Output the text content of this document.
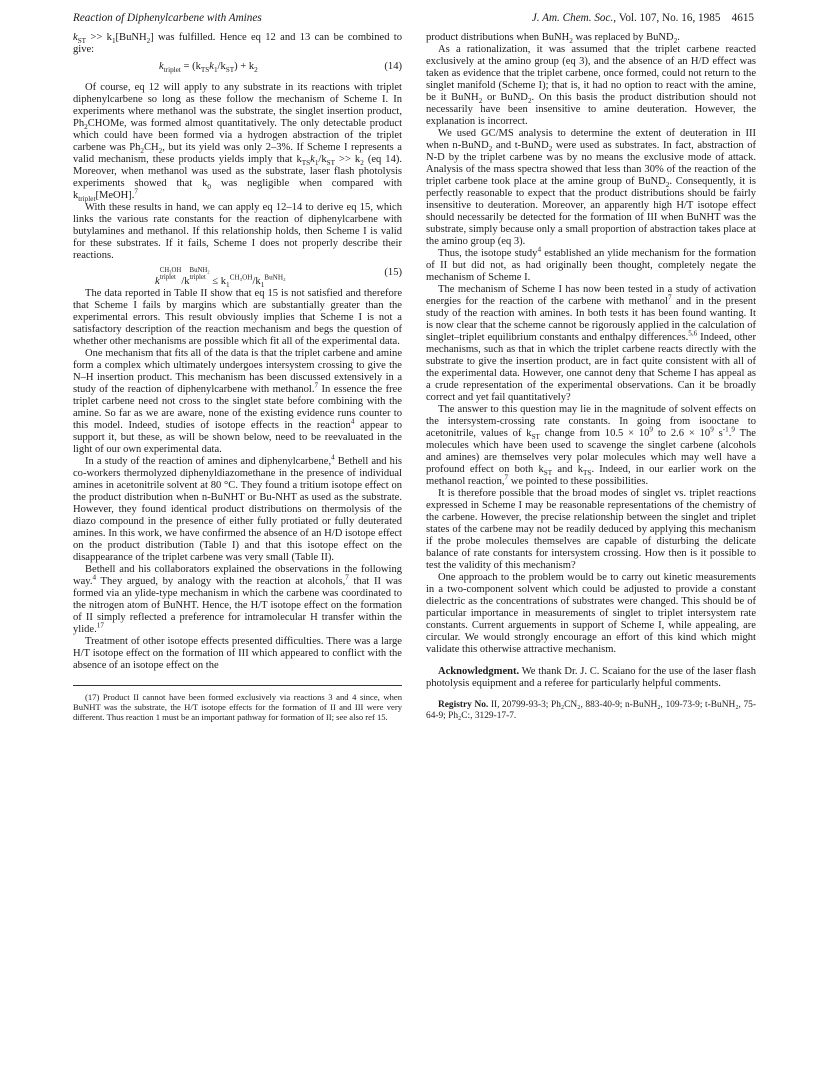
Reaction of Diphenylcarbene with Amines	J. Am. Chem. Soc., Vol. 107, No. 16, 1985 4615

$k_{ST}$ >> $k_1[BuNH_2]$ was fulfilled. Hence eq 12 and 13 can be combined to give:

$k_{triplet} = (k_{TS}k_1/k_{ST}) + k_2$	(14)

Of course, eq 12 will apply to any substrate in its reactions with triplet diphenylcarbene so long as these follow the mechanism of Scheme I. In experiments where methanol was the substrate, the singlet insertion product, $Ph_2CHOMe$, was formed almost quantitatively. The only detectable product which could have been formed via a hydrogen abstraction of the triplet carbene was $Ph_2CH_2$, but its yield was only 2–3%. If Scheme I represents a valid mechanism, these products yields imply that $k_{TS}k_1/k_{ST} >> k_2$ (eq 14). Moreover, when methanol was used as the substrate, laser flash photolysis experiments showed that $k_0$ was negligible when compared with $k_{triplet}[MeOH].^7$

With these results in hand, we can apply eq 12–14 to derive eq 15, which links the various rate constants for the reaction of diphenylcarbene with butylamines and methanol. If this relationship holds, then Scheme I is valid for these substrates. If it fails, Scheme I does not properly describe their reactions.

kCH₃OH
triplet /kBuNH₂
triplet ≤ $k_1^{CH_3OH}/k_1^{BuNH_2}$	(15)

The data reported in Table II show that eq 15 is not satisfied and therefore that Scheme I fails by margins which are substantially greater than the experimental errors. This result obviously implies that Scheme I is not a satisfactory description of the reaction mechanism and begs the question of whether other mechanisms are possible which fit all of the experimental data.

One mechanism that fits all of the data is that the triplet carbene and amine form a complex which ultimately undergoes intersystem crossing to give the N–H insertion product. This mechanism has been discussed extensively in a study of the reaction of diphenylcarbene with methanol.$^7$ In essence the free triplet carbene need not cross to the singlet state before combining with the amine. So far as we are aware, none of the existing evidence runs counter to this model. Indeed, studies of isotope effects in the reaction$^4$ appear to support it, but these, as will be shown below, need to be reevaluated in the light of our own experimental data.

In a study of the reaction of amines and diphenylcarbene,$^4$ Bethell and his co-workers thermolyzed diphenyldiazomethane in the presence of individual amines in acetonitrile solvent at 80 °C. They found a tritium isotope effect on the product distribution when n-BuNHT or Bu-NHT as used as the substrate. However, they found identical product distributions on thermolysis of the diazo compound in the presence of either fully protiated or fully deuterated amines. In this work, we have confirmed the absence of an H/D isotope effect on the product distribution (Table I) and that this isotope effect on the disappearance of the triplet carbene was very small (Table II).

Bethell and his collaborators explained the observations in the following way.$^4$ They argued, by analogy with the reaction at alcohols,$^7$ that II was formed via an ylide-type mechanism in which the carbene was coordinated to the nitrogen atom of BuNHT. Hence, the H/T isotope effect on the formation of II simply reflected a preference for intramolecular H transfer within the ylide.$^{17}$

Treatment of other isotope effects presented difficulties. There was a large H/T isotope effect on the formation of III which appeared to conflict with the absence of an isotope effect on the

(17) Product II cannot have been formed exclusively via reactions 3 and 4 since, when BuNHT was the substrate, the H/T isotope effects for the formation of II and III were very different. Thus reaction 1 must be an important pathway for formation of II; see also ref 15.

product distributions when BuNH$_2$ was replaced by BuND$_2$.

As a rationalization, it was assumed that the triplet carbene reacted exclusively at the amino group (eq 3), and the absence of an H/D effect was taken as evidence that the triplet carbene, once formed, could not return to the singlet manifold (Scheme I); that is, it had no option to react with the amine, be it BuNH$_2$ or BuND$_2$. On this basis the product distribution should not necessarily have been insensitive to amine deuteration. However, the explanation is incorrect.

We used GC/MS analysis to determine the extent of deuteration in III when n-BuND$_2$ and t-BuND$_2$ were used as substrates. In fact, abstraction of N-D by the triplet carbene was by no means the exclusive mode of attack. Analysis of the mass spectra showed that less than 30% of the reaction of the triplet carbene took place at the amine group of BuND$_2$. Consequently, it is perfectly reasonable to expect that the product distributions should be fairly insensitive to deuteration. Moreover, an apparently high H/T isotope effect should necessarily be detected for the formation of III when BuNHT was the substrate, simply because only a small proportion of abstraction takes place at the amino group (eq 3).

Thus, the isotope study$^4$ established an ylide mechanism for the formation of II but did not, as had originally been thought, completely negate the mechanism of Scheme I.

The mechanism of Scheme I has now been tested in a study of activation energies for the reaction of the carbene with methanol$^7$ and in the present study of the reaction with amines. In both tests it has been found wanting. It is now clear that the scheme cannot be rigorously applied in the calculation of singlet–triplet equilibrium constants and enthalpy differences.$^{5,6}$ Indeed, other mechanisms, such as that in which the triplet carbene reacts directly with the substrate to give the insertion product, are in fact quite consistent with all of the experimental data. However, one cannot deny that Scheme I has appeal as a crude representation of the experimental observations. Can it be broadly correct and yet fail quantitatively?

The answer to this question may lie in the magnitude of solvent effects on the intersystem-crossing rate constants. In going from isooctane to acetonitrile, values of $k_{ST}$ change from $10.5 \times 10^9$ to $2.6 \times 10^9$ $s^{-1}.^9$ The molecules which have been used to scavenge the singlet carbene (alcohols and amines) are themselves very polar molecules which may well have a profound effect on both $k_{ST}$ and $k_{TS}$. Indeed, in our earlier work on the methanol reaction,$^7$ we pointed to these possibilities.

It is therefore possible that the broad modes of singlet vs. triplet reactions expressed in Scheme I may be reasonable representations of the chemistry of the carbene. However, the precise relationship between the singlet and triplet states of the carbene may not be readily deduced by applying this mechanism if the probe molecules themselves are capable of disturbing the delicate balance of rate constants for intersystem crossing. How then is it possible to test the validity of this mechanism?

One approach to the problem would be to carry out kinetic measurements in a two-component solvent which could be adjusted to provide a constant dielectric as the concentrations of substrates were changed. This should be of particular importance in measurements of singlet to triplet intersystem rate constants. Current arguements in support of Scheme I, while appealing, are circular. We would strongly encourage an effort of this kind which might validate this otherwise attractive mechanism.

Acknowledgment. We thank Dr. J. C. Scaiano for the use of the laser flash photolysis equipment and a referee for particularly helpful comments.

Registry No. II, 20799-93-3; Ph₂CN₂, 883-40-9; n-BuNH₂, 109-73-9; t-BuNH₂, 75-64-9; Ph₂C:, 3129-17-7.
